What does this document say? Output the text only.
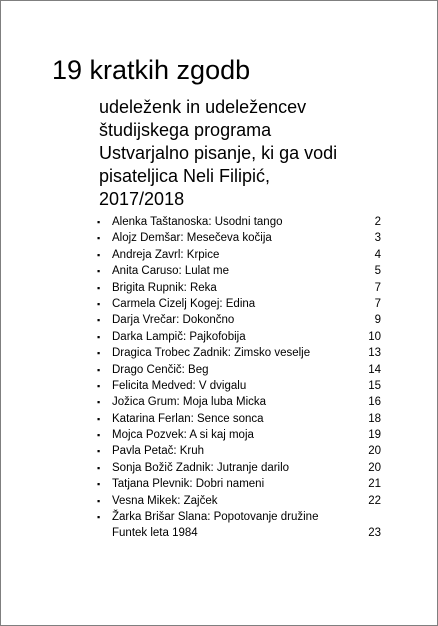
19 kratkih zgodb
udeleženk in udeležencev
študijskega programa
Ustvarjalno pisanje, ki ga vodi
pisateljica Neli Filipić,
2017/2018
▪ Alenka Taštanoska: Usodni tango	2
▪ Alojz Demšar: Mesečeva kočija	3
▪ Andreja Zavrl: Krpice	4
▪ Anita Caruso: Lulat me	5
▪ Brigita Rupnik: Reka	7
▪ Carmela Cizelj Kogej: Edina	7
▪ Darja Vrečar: Dokončno	9
▪ Darka Lampič: Pajkofobija	10
▪ Dragica Trobec Zadnik: Zimsko veselje	13
▪ Drago Cenčič: Beg	14
▪ Felicita Medved: V dvigalu	15
▪ Jožica Grum: Moja luba Micka	16
▪ Katarina Ferlan: Sence sonca	18
▪ Mojca Pozvek: A si kaj moja	19
▪ Pavla Petač: Kruh	20
▪ Sonja Božič Zadnik: Jutranje darilo	20
▪ Tatjana Plevnik: Dobri nameni	21
▪ Vesna Mikek: Zajček	22
▪ Žarka Brišar Slana: Popotovanje družine
Funtek leta 1984	23
